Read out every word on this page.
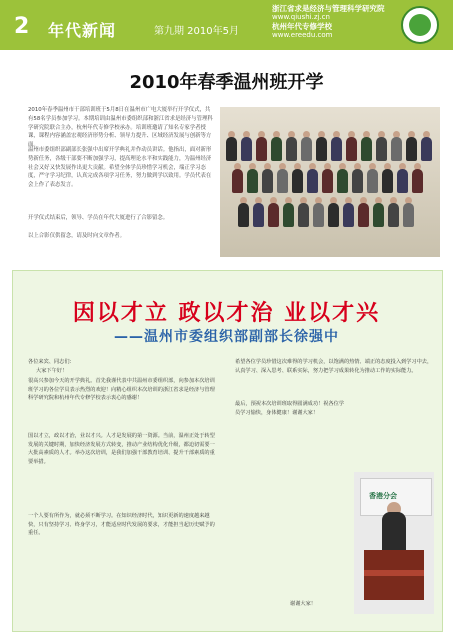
2 年代新闻	第九期 2010年5月
浙江省求是经济与管理科学研究院
www.qiushi.zj.cn
杭州年代专修学校
www.ereedu.com
2010年春季温州班开学
2010年春季温州市干部培训班于5月8日在温州市广电大厦举行开学仪式，共有58名学员参加学习。本期培训由温州市委组织部和浙江省求是经济与管理科学研究院联合主办，杭州年代专修学校承办。培训班邀请了知名专家学者授课，课程内容涵盖宏观经济形势分析、领导力提升、区域经济发展与创新等方面。
温州市委组织部副部长张强中出席开学典礼并作动员讲话。他指出，面对新形势新任务，各级干部要不断加强学习，提高理论水平和实践能力，为温州经济社会又好又快发展作出更大贡献。希望全体学员珍惜学习机会，端正学习态度，严守学习纪律，认真完成各项学习任务，努力做到学以致用。学员代表在会上作了表态发言。
开学仪式结束后，领导、学员在年代大厦进行了合影留念。
以上合影仅供留念，请及时向文章作者。
因以才立 政以才治 业以才兴
——温州市委组织部副部长徐强中
各位来宾、同志们：
大家下午好！
很高兴参加今天的开学典礼。首先我谨代表中共温州市委组织部，向参加本次培训班学习的各位学员表示热烈的欢迎！向精心组织本次培训的浙江省求是经济与管理科学研究院和杭州年代专修学校表示衷心的感谢！
国以才立，政以才治，业以才兴。人才是发展的第一资源。当前，温州正处于转型发展的关键时期，加快经济发展方式转变，推动产业结构优化升级，都迫切需要一大批高素质的人才。举办这次培训，是我们加强干部教育培训、提升干部素质的重要举措。
一个人要有所作为，就必须不断学习。在知识经济时代，知识更新的速度越来越快，只有坚持学习、终身学习，才能适应时代发展的要求，才能担当起历史赋予的重任。
希望各位学员珍惜这次难得的学习机会，以饱满的热情、端正的态度投入到学习中去，认真学习、深入思考、联系实际，努力把学习成果转化为推动工作的实际能力。
最后，预祝本次培训班取得圆满成功！祝各位学员学习愉快，身体健康！谢谢大家！
谢谢大家！
香港分会
